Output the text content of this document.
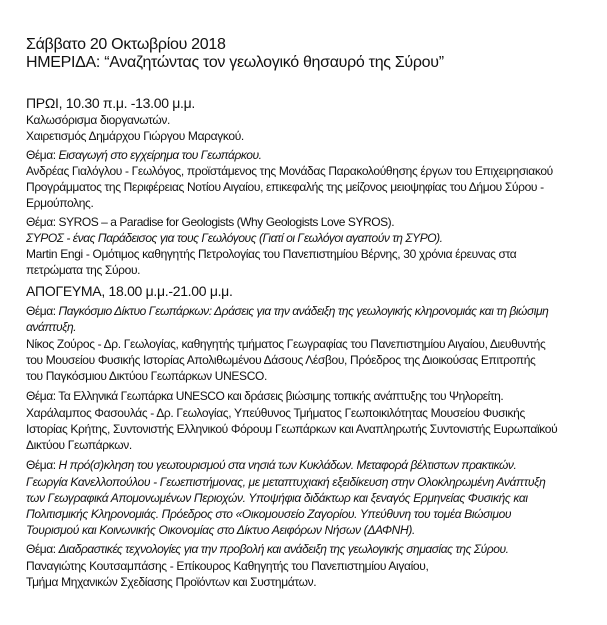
Σάββατο 20 Οκτωβρίου 2018
ΗΜΕΡΙΔΑ: “Αναζητώντας τον γεωλογικό θησαυρό της Σύρου”
ΠΡΩΙ, 10.30 π.μ. -13.00 μ.μ.
Καλωσόρισμα διοργανωτών.
Χαιρετισμός Δημάρχου Γιώργου Μαραγκού.
Θέμα: Εισαγωγή στο εγχείρημα του Γεωπάρκου.
Ανδρέας Γιαλόγλου - Γεωλόγος, προϊστάμενος της Μονάδας Παρακολούθησης έργων του Επιχειρησιακού
Προγράμματος της Περιφέρειας Νοτίου Αιγαίου, επικεφαλής της μείζονος μειοψηφίας του Δήμου Σύρου -
Ερμούπολης.
Θέμα: SYROS – a Paradise for Geologists (Why Geologists Love SYROS).
ΣΥΡΟΣ - ένας Παράδεισος για τους Γεωλόγους (Γιατί οι Γεωλόγοι αγαπούν τη ΣΥΡΟ).
Martin Engi - Ομότιμος καθηγητής Πετρολογίας του Πανεπιστημίου Βέρνης, 30 χρόνια έρευνας στα
πετρώματα της Σύρου.
ΑΠΟΓΕΥΜΑ, 18.00 μ.μ.-21.00 μ.μ.
Θέμα: Παγκόσμιο Δίκτυο Γεωπάρκων: Δράσεις για την ανάδειξη της γεωλογικής κληρονομιάς και τη βιώσιμη
ανάπτυξη.
Νίκος Ζούρος - Δρ. Γεωλογίας, καθηγητής τμήματος Γεωγραφίας του Πανεπιστημίου Αιγαίου, Διευθυντής
του Μουσείου Φυσικής Ιστορίας Απολιθωμένου Δάσους Λέσβου, Πρόεδρος της Διοικούσας Επιτροπής
του Παγκόσμιου Δικτύου Γεωπάρκων UNESCO.
Θέμα: Τα Ελληνικά Γεωπάρκα UNESCO και δράσεις βιώσιμης τοπικής ανάπτυξης του Ψηλορείτη.
Χαράλαμπος Φασουλάς - Δρ. Γεωλογίας, Υπεύθυνος Τμήματος Γεωποικιλότητας Μουσείου Φυσικής
Ιστορίας Κρήτης, Συντονιστής Ελληνικού Φόρουμ Γεωπάρκων και Αναπληρωτής Συντονιστής Ευρωπαϊκού
Δικτύου Γεωπάρκων.
Θέμα: Η πρό(σ)κληση του γεωτουρισμού στα νησιά των Κυκλάδων. Μεταφορά βέλτιστων πρακτικών.
Γεωργία Κανελλοπούλου - Γεωεπιστήμονας, με μεταπτυχιακή εξειδίκευση στην Ολοκληρωμένη Ανάπτυξη
των Γεωγραφικά Απομονωμένων Περιοχών. Υποψήφια διδάκτωρ και ξεναγός Ερμηνείας Φυσικής και
Πολιτισμικής Κληρονομιάς. Πρόεδρος στο «Οικομουσείο Ζαγορίου. Υπεύθυνη του τομέα Βιώσιμου
Τουρισμού και Κοινωνικής Οικονομίας στο Δίκτυο Αειφόρων Νήσων (ΔΑΦΝΗ).
Θέμα: Διαδραστικές τεχνολογίες για την προβολή και ανάδειξη της γεωλογικής σημασίας της Σύρου.
Παναγιώτης Κουτσαμπάσης - Επίκουρος Καθηγητής του Πανεπιστημίου Αιγαίου,
Τμήμα Μηχανικών Σχεδίασης Προϊόντων και Συστημάτων.
